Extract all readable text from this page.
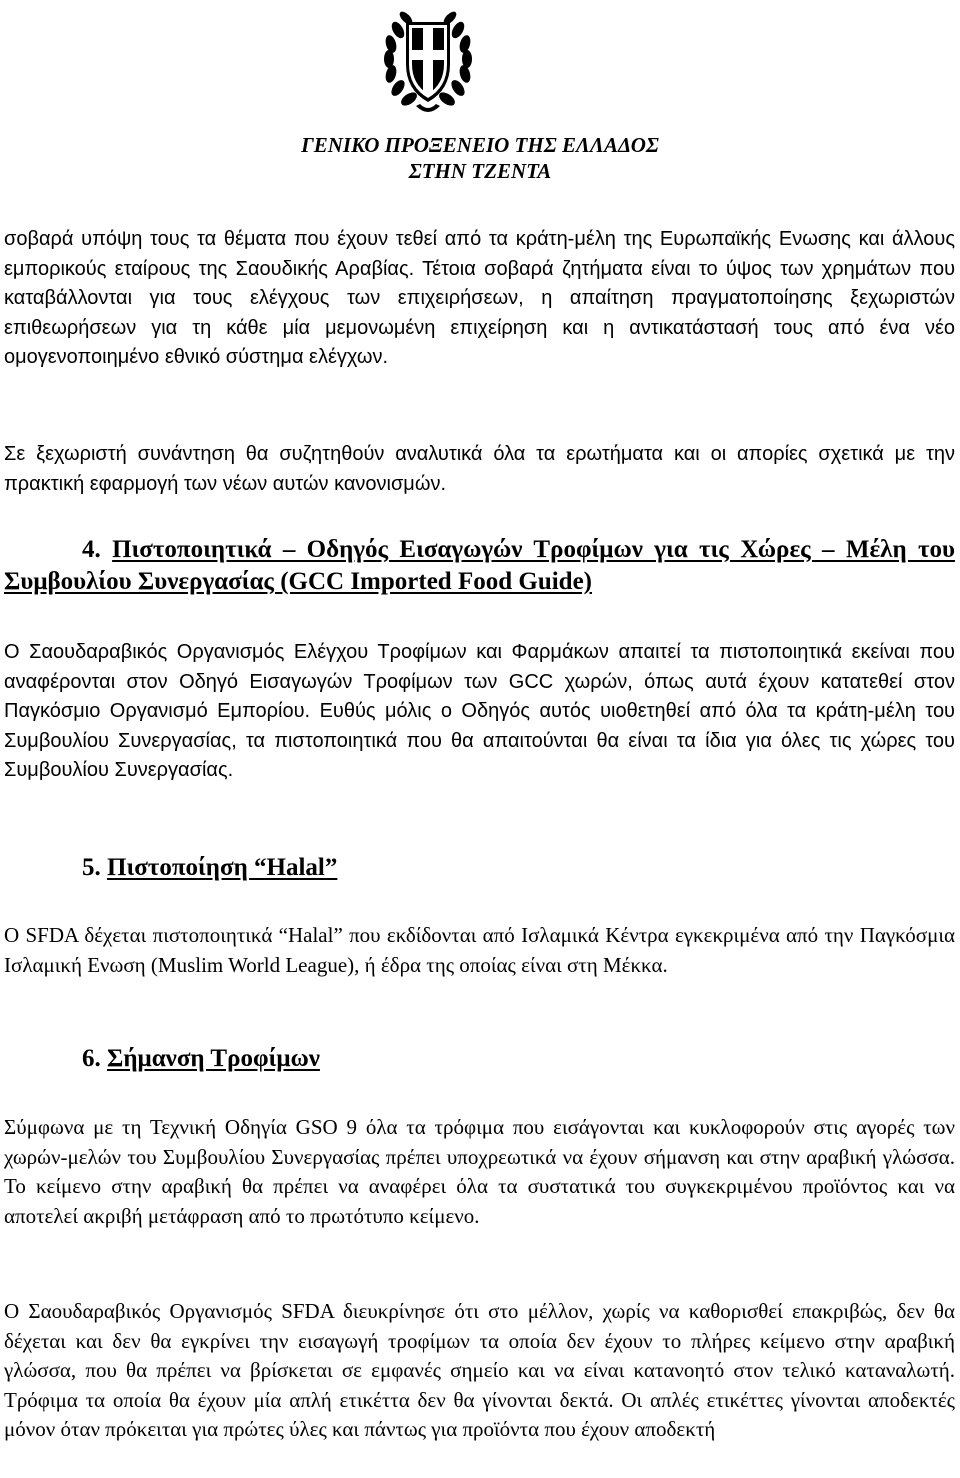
ΓΕΝΙΚΟ ΠΡΟΞΕΝΕΙΟ ΤΗΣ ΕΛΛΑΔΟΣ
ΣΤΗΝ ΤΖΕΝΤΑ

σοβαρά υπόψη τους τα θέματα που έχουν τεθεί από τα κράτη-μέλη της Ευρωπαϊκής Ενωσης και άλλους εμπορικούς εταίρους της Σαουδικής Αραβίας. Τέτοια σοβαρά ζητήματα είναι το ύψος των χρημάτων που καταβάλλονται για τους ελέγχους των επιχειρήσεων, η απαίτηση πραγματοποίησης ξεχωριστών επιθεωρήσεων για τη κάθε μία μεμονωμένη επιχείρηση και η αντικατάστασή τους από ένα νέο ομογενοποιημένο εθνικό σύστημα ελέγχων.

Σε ξεχωριστή συνάντηση θα συζητηθούν αναλυτικά όλα τα ερωτήματα και οι απορίες σχετικά με την πρακτική εφαρμογή των νέων αυτών κανονισμών.

4. Πιστοποιητικά – Οδηγός Εισαγωγών Τροφίμων για τις Χώρες – Μέλη του Συμβουλίου Συνεργασίας (GCC Imported Food Guide)

Ο Σαουδαραβικός Οργανισμός Ελέγχου Τροφίμων και Φαρμάκων απαιτεί τα πιστοποιητικά εκείναι που αναφέρονται στον Οδηγό Εισαγωγών Τροφίμων των GCC χωρών, όπως αυτά έχουν κατατεθεί στον Παγκόσμιο Οργανισμό Εμπορίου. Ευθύς μόλις ο Οδηγός αυτός υιοθετηθεί από όλα τα κράτη-μέλη του Συμβουλίου Συνεργασίας, τα πιστοποιητικά που θα απαιτούνται θα είναι τα ίδια για όλες τις χώρες του Συμβουλίου Συνεργασίας.

5. Πιστοποίηση “Halal”

Ο SFDA δέχεται πιστοποιητικά “Halal” που εκδίδονται από Ισλαμικά Κέντρα εγκεκριμένα από την Παγκόσμια Ισλαμική Ενωση (Muslim World League), ή έδρα της οποίας είναι στη Μέκκα.

6. Σήμανση Τροφίμων

Σύμφωνα με τη Τεχνική Οδηγία GSO 9 όλα τα τρόφιμα που εισάγονται και κυκλοφορούν στις αγορές των χωρών-μελών του Συμβουλίου Συνεργασίας πρέπει υποχρεωτικά να έχουν σήμανση και στην αραβική γλώσσα. Το κείμενο στην αραβική θα πρέπει να αναφέρει όλα τα συστατικά του συγκεκριμένου προϊόντος και να αποτελεί ακριβή μετάφραση από το πρωτότυπο κείμενο.

Ο Σαουδαραβικός Οργανισμός SFDA διευκρίνησε ότι στο μέλλον, χωρίς να καθορισθεί επακριβώς, δεν θα δέχεται και δεν θα εγκρίνει την εισαγωγή τροφίμων τα οποία δεν έχουν το πλήρες κείμενο στην αραβική γλώσσα, που θα πρέπει να βρίσκεται σε εμφανές σημείο και να είναι κατανοητό στον τελικό καταναλωτή. Τρόφιμα τα οποία θα έχουν μία απλή ετικέττα δεν θα γίνονται δεκτά. Οι απλές ετικέττες γίνονται αποδεκτές μόνον όταν πρόκειται για πρώτες ύλες και πάντως για προϊόντα που έχουν αποδεκτή
